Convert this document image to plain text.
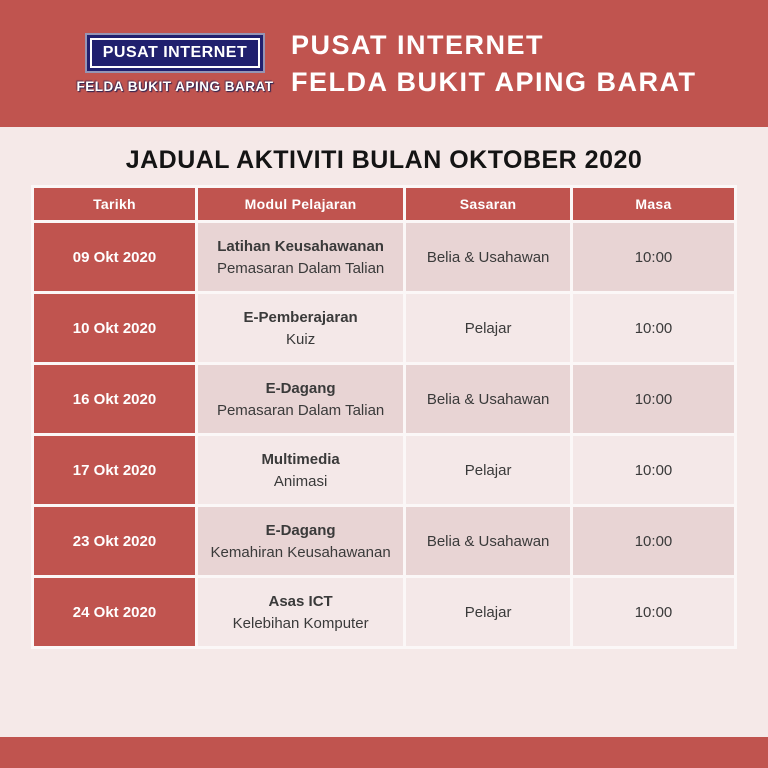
PUSAT INTERNET
FELDA BUKIT APING BARAT
PUSAT INTERNET
FELDA BUKIT APING BARAT
JADUAL AKTIVITI BULAN OKTOBER 2020
Tarikh	Modul Pelajaran	Sasaran	Masa
09 Okt 2020	Latihan Keusahawanan
Pemasaran Dalam Talian	Belia & Usahawan	10:00
10 Okt 2020	E-Pemberajaran
Kuiz	Pelajar	10:00
16 Okt 2020	E-Dagang
Pemasaran Dalam Talian	Belia & Usahawan	10:00
17 Okt 2020	Multimedia
Animasi	Pelajar	10:00
23 Okt 2020	E-Dagang
Kemahiran Keusahawanan	Belia & Usahawan	10:00
24 Okt 2020	Asas ICT
Kelebihan Komputer	Pelajar	10:00
